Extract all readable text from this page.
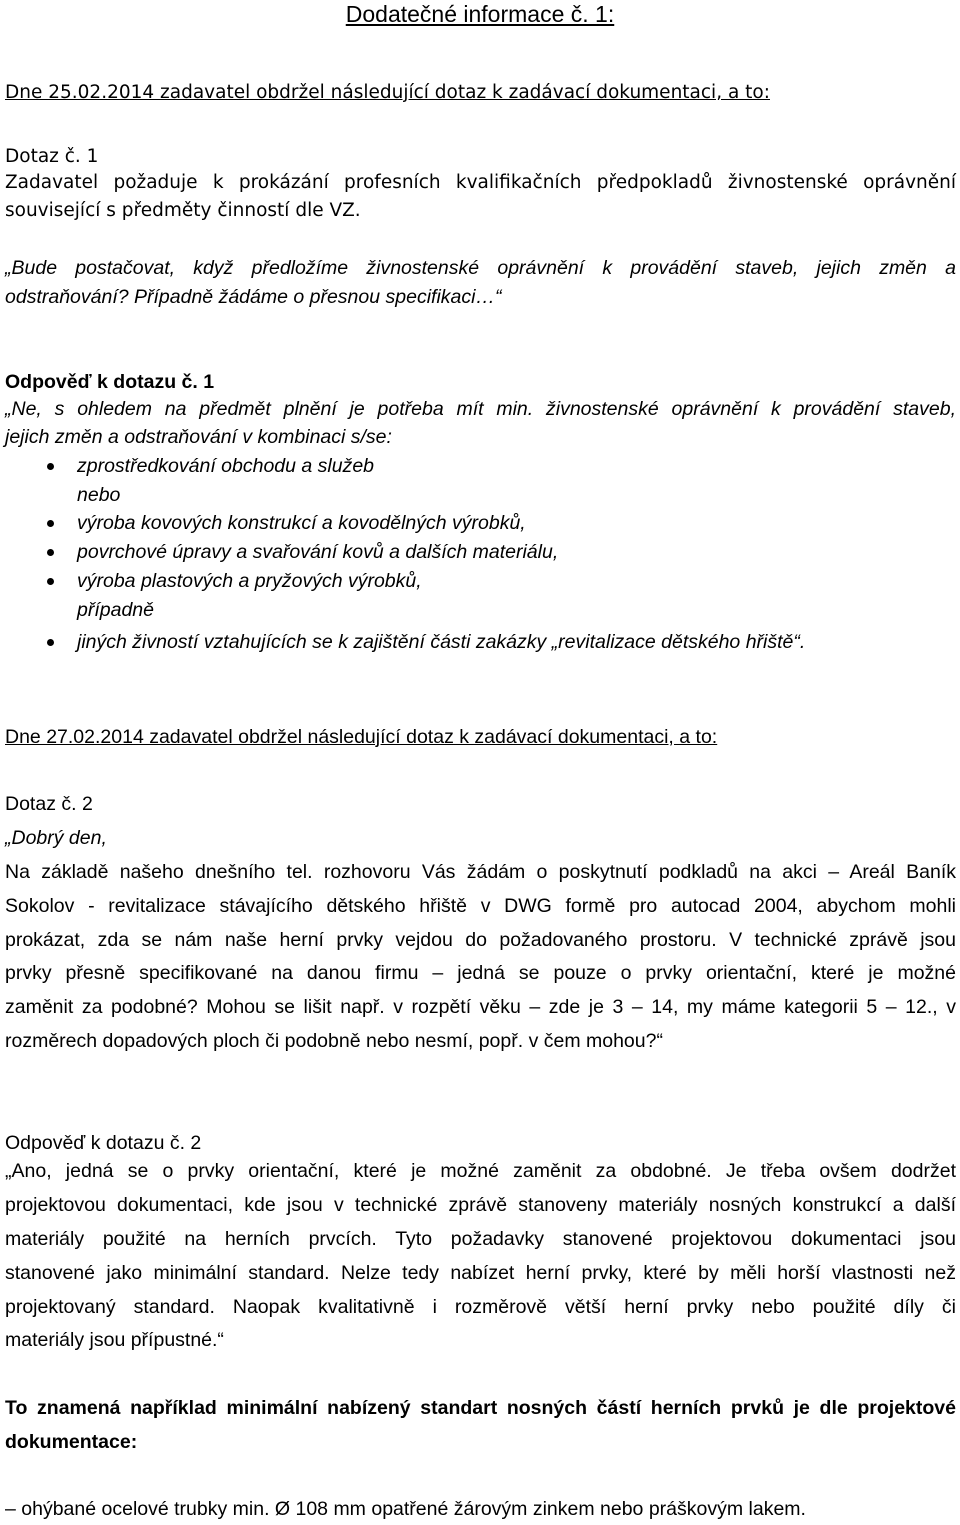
Dodatečné informace č. 1:
Dne 25.02.2014 zadavatel obdržel následující dotaz k zadávací dokumentaci, a to:
Dotaz č. 1
Zadavatel požaduje k prokázání profesních kvalifikačních předpokladů živnostenské oprávnění
související s předměty činností dle VZ.
„Bude postačovat, když předložíme živnostenské oprávnění k provádění staveb, jejich změn a
odstraňování? Případně žádáme o přesnou specifikaci…“
Odpověď k dotazu č. 1
„Ne, s ohledem na předmět plnění je potřeba mít min. živnostenské oprávnění k provádění staveb,
jejich změn a odstraňování v kombinaci s/se:
zprostředkování obchodu a služeb
nebo
výroba kovových konstrukcí a kovodělných výrobků,
povrchové úpravy a svařování kovů a dalších materiálu,
výroba plastových a pryžových výrobků,
případně
jiných živností vztahujících se k zajištění části zakázky „revitalizace dětského hřiště“.
Dne 27.02.2014 zadavatel obdržel následující dotaz k zadávací dokumentaci, a to:
Dotaz č. 2
„Dobrý den,
Na základě našeho dnešního tel. rozhovoru Vás žádám o poskytnutí podkladů na akci – Areál Baník
Sokolov - revitalizace stávajícího dětského hřiště v DWG formě pro autocad 2004, abychom mohli
prokázat, zda se nám naše herní prvky vejdou do požadovaného prostoru. V technické zprávě jsou
prvky přesně specifikované na danou firmu – jedná se pouze o prvky orientační, které je možné
zaměnit za podobné? Mohou se lišit např. v rozpětí věku – zde je 3 – 14, my máme kategorii 5 – 12., v
rozměrech dopadových ploch či podobně nebo nesmí, popř. v čem mohou?“
Odpověď k dotazu č. 2
„Ano, jedná se o prvky orientační, které je možné zaměnit za obdobné. Je třeba ovšem dodržet
projektovou dokumentaci, kde jsou v technické zprávě stanoveny materiály nosných konstrukcí a další
materiály použité na herních prvcích. Tyto požadavky stanovené projektovou dokumentaci jsou
stanovené jako minimální standard. Nelze tedy nabízet herní prvky, které by měli horší vlastnosti než
projektovaný standard. Naopak kvalitativně i rozměrově větší herní prvky nebo použité díly či
materiály jsou přípustné.“
To znamená například minimální nabízený standart nosných částí herních prvků je dle projektové
dokumentace:
– ohýbané ocelové trubky min. Ø 108 mm opatřené žárovým zinkem nebo práškovým lakem.
